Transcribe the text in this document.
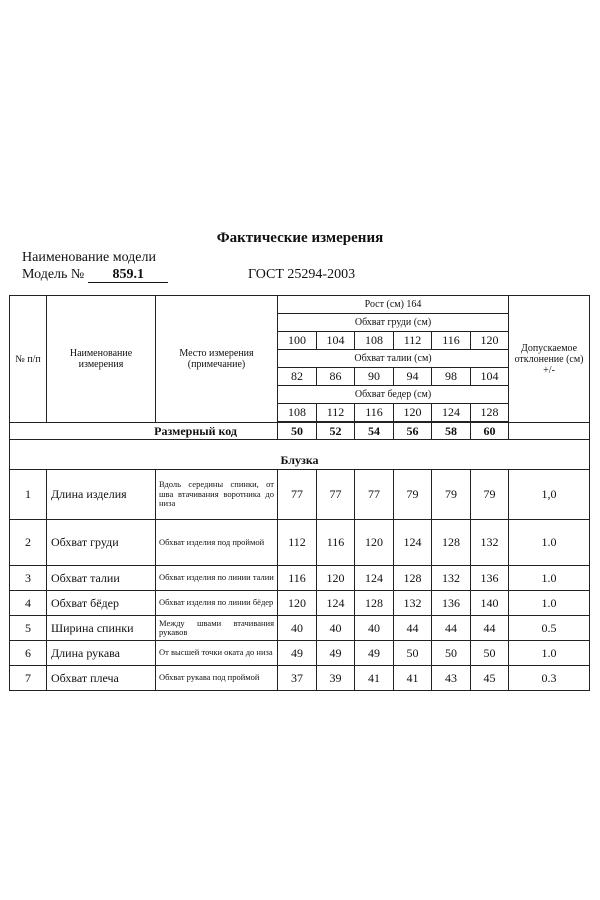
Фактические измерения
Наименование модели
Модель № 859.1	ГОСТ 25294-2003
№ п/п	Наименование измерения	Место измерения (примечание)	Рост (см) 164						Допускаемое отклонение (см) +/-
			Обхват груди (см)						
			100	104	108	112	116	120	
			Обхват талии (см)						
			82	86	90	94	98	104	
			Обхват бедер (см)						
			108	112	116	120	124	128	

Размерный код			50	52	54	56	58	60	
Блузка									
1	Длина изделия	Вдоль середины спинки, от шва втачивания воротника до низа	77	77	77	79	79	79	1,0
2	Обхват груди	Обхват изделия под проймой	112	116	120	124	128	132	1.0
3	Обхват талии	Обхват изделия по линии талии	116	120	124	128	132	136	1.0
4	Обхват бёдер	Обхват изделия по линии бёдер	120	124	128	132	136	140	1.0
5	Ширина спинки	Между швами втачивания рукавов	40	40	40	44	44	44	0.5
6	Длина рукава	От высшей точки оката до низа	49	49	49	50	50	50	1.0
7	Обхват плеча	Обхват рукава под проймой	37	39	41	41	43	45	0.3
